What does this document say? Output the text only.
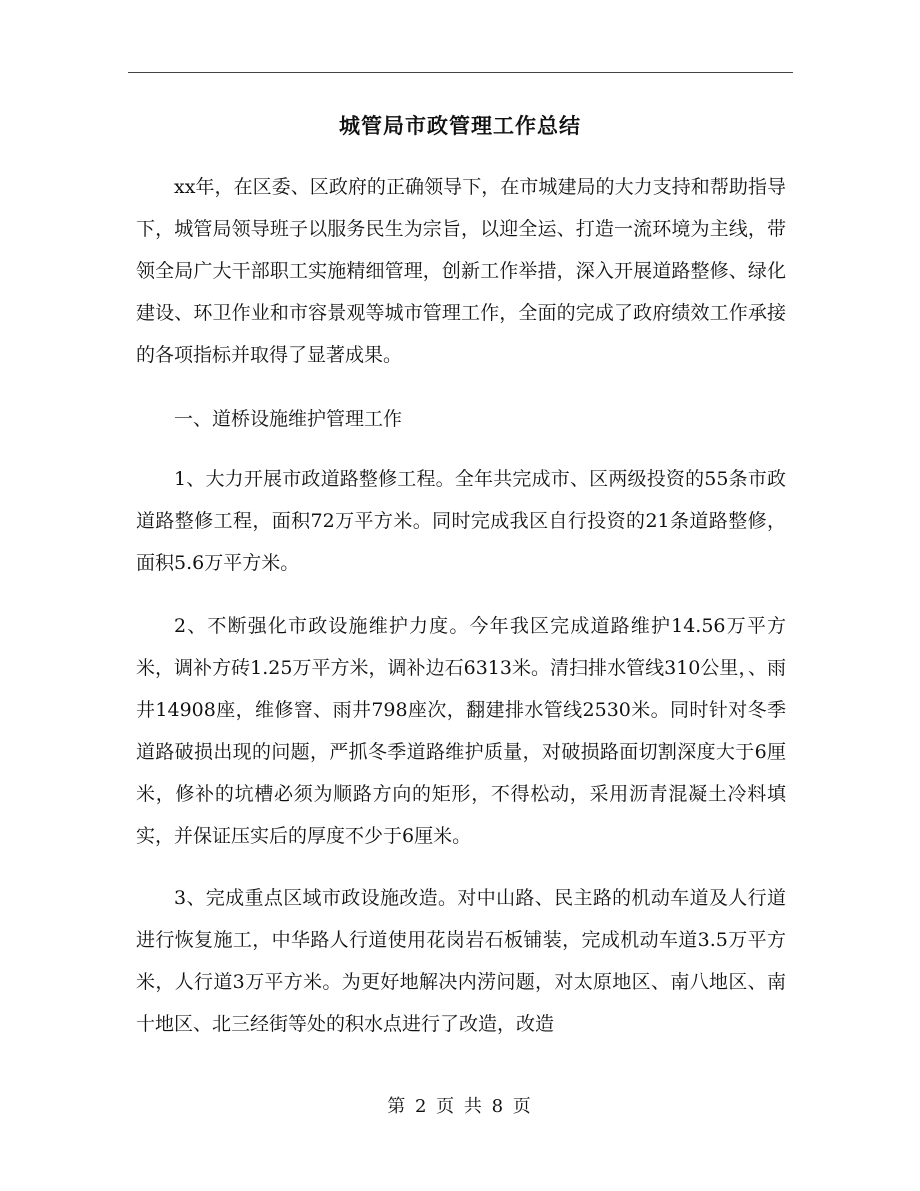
城管局市政管理工作总结

xx年，在区委、区政府的正确领导下，在市城建局的大力支持和帮助指导下，城管局领导班子以服务民生为宗旨，以迎全运、打造一流环境为主线，带领全局广大干部职工实施精细管理，创新工作举措，深入开展道路整修、绿化建设、环卫作业和市容景观等城市管理工作，全面的完成了政府绩效工作承接的各项指标并取得了显著成果。

一、道桥设施维护管理工作

1、大力开展市政道路整修工程。全年共完成市、区两级投资的55条市政道路整修工程，面积72万平方米。同时完成我区自行投资的21条道路整修，面积5.6万平方米。

2、不断强化市政设施维护力度。今年我区完成道路维护14.56万平方米，调补方砖1.25万平方米，调补边石6313米。清扫排水管线310公里，、雨井14908座，维修窨、雨井798座次，翻建排水管线2530米。同时针对冬季道路破损出现的问题，严抓冬季道路维护质量，对破损路面切割深度大于6厘米，修补的坑槽必须为顺路方向的矩形，不得松动，采用沥青混凝土冷料填实，并保证压实后的厚度不少于6厘米。

3、完成重点区域市政设施改造。对中山路、民主路的机动车道及人行道进行恢复施工，中华路人行道使用花岗岩石板铺装，完成机动车道3.5万平方米，人行道3万平方米。为更好地解决内涝问题，对太原地区、南八地区、南十地区、北三经街等处的积水点进行了改造，改造

第 2 页 共 8 页
